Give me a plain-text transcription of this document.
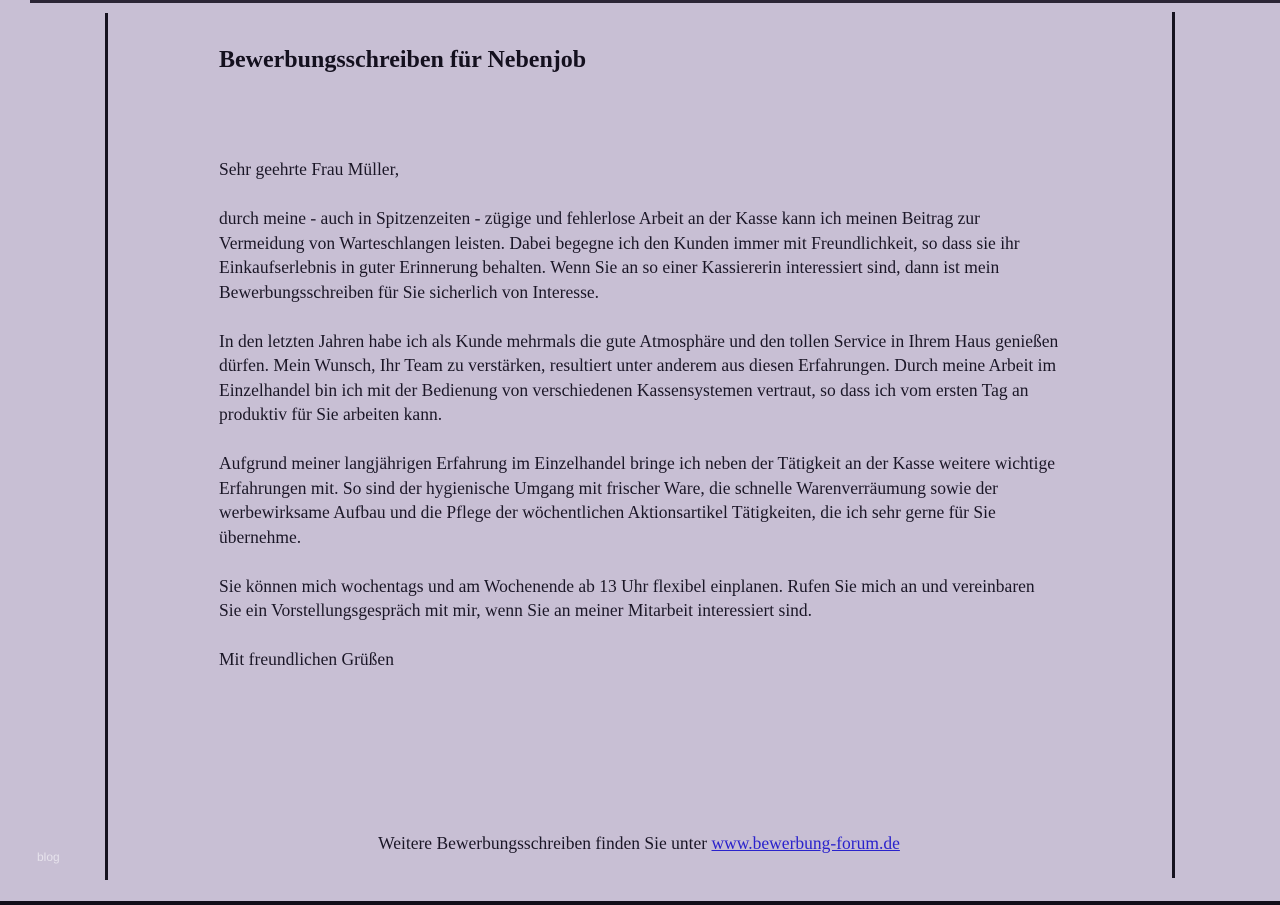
Bewerbungsschreiben für Nebenjob

Sehr geehrte Frau Müller,

durch meine - auch in Spitzenzeiten - zügige und fehlerlose Arbeit an der Kasse kann ich meinen Beitrag zur Vermeidung von Warteschlangen leisten. Dabei begegne ich den Kunden immer mit Freundlichkeit, so dass sie ihr Einkaufserlebnis in guter Erinnerung behalten. Wenn Sie an so einer Kassiererin interessiert sind, dann ist mein Bewerbungsschreiben für Sie sicherlich von Interesse.

In den letzten Jahren habe ich als Kunde mehrmals die gute Atmosphäre und den tollen Service in Ihrem Haus genießen dürfen. Mein Wunsch, Ihr Team zu verstärken, resultiert unter anderem aus diesen Erfahrungen. Durch meine Arbeit im Einzelhandel bin ich mit der Bedienung von verschiedenen Kassensystemen vertraut, so dass ich vom ersten Tag an produktiv für Sie arbeiten kann.

Aufgrund meiner langjährigen Erfahrung im Einzelhandel bringe ich neben der Tätigkeit an der Kasse weitere wichtige Erfahrungen mit. So sind der hygienische Umgang mit frischer Ware, die schnelle Warenverräumung sowie der werbewirksame Aufbau und die Pflege der wöchentlichen Aktionsartikel Tätigkeiten, die ich sehr gerne für Sie übernehme.

Sie können mich wochentags und am Wochenende ab 13 Uhr flexibel einplanen. Rufen Sie mich an und vereinbaren Sie ein Vorstellungsgespräch mit mir, wenn Sie an meiner Mitarbeit interessiert sind.

Mit freundlichen Grüßen

Weitere Bewerbungsschreiben finden Sie unter www.bewerbung-forum.de
blog
